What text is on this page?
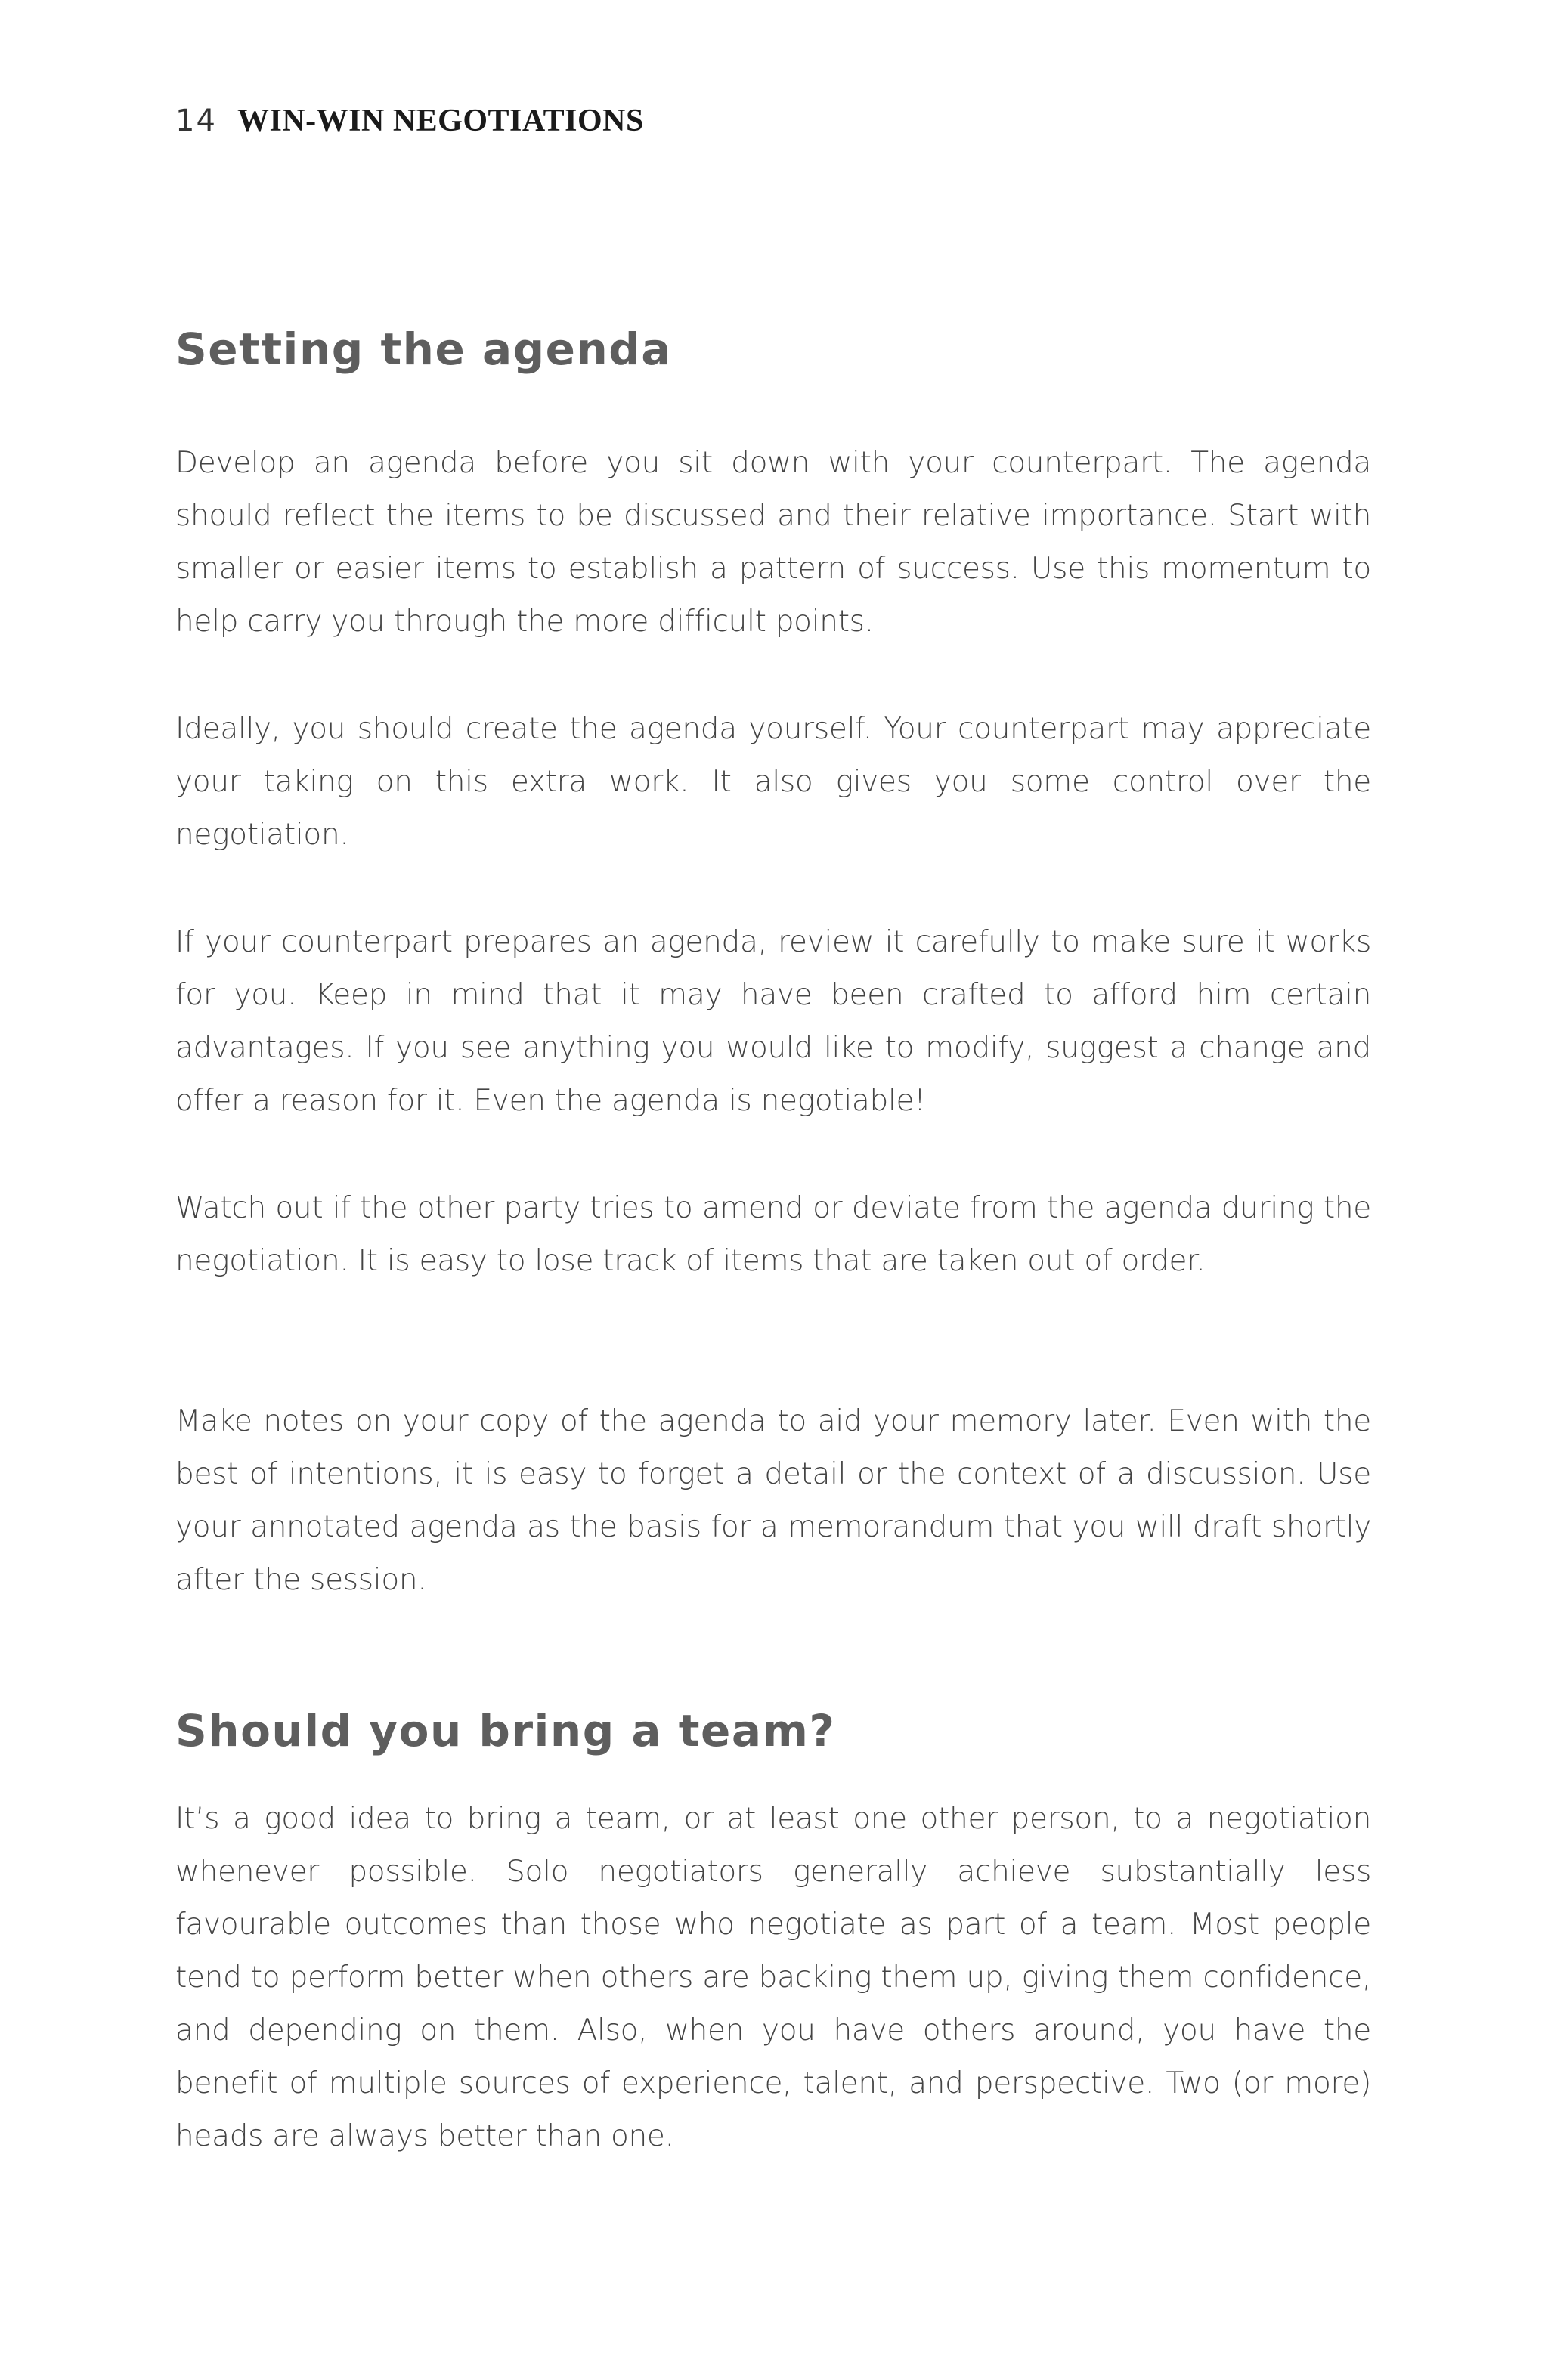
14 WIN-WIN NEGOTIATIONS
Setting the agenda

Develop an agenda before you sit down with your counterpart. The agenda should reflect the items to be discussed and their relative importance. Start with smaller or easier items to establish a pattern of success. Use this momentum to help carry you through the more difficult points.

Ideally, you should create the agenda yourself. Your counterpart may appreciate your taking on this extra work. It also gives you some control over the negotiation.

If your counterpart prepares an agenda, review it carefully to make sure it works for you. Keep in mind that it may have been crafted to afford him certain advantages. If you see anything you would like to modify, suggest a change and offer a reason for it. Even the agenda is negotiable!

Watch out if the other party tries to amend or deviate from the agenda during the negotiation. It is easy to lose track of items that are taken out of order.

Make notes on your copy of the agenda to aid your memory later. Even with the best of intentions, it is easy to forget a detail or the context of a discussion. Use your annotated agenda as the basis for a memorandum that you will draft shortly after the session.

Should you bring a team?

It’s a good idea to bring a team, or at least one other person, to a negotiation whenever possible. Solo negotiators generally achieve substantially less favourable outcomes than those who negotiate as part of a team. Most people tend to perform better when others are backing them up, giving them confidence, and depending on them. Also, when you have others around, you have the benefit of multiple sources of experience, talent, and perspective. Two (or more) heads are always better than one.
